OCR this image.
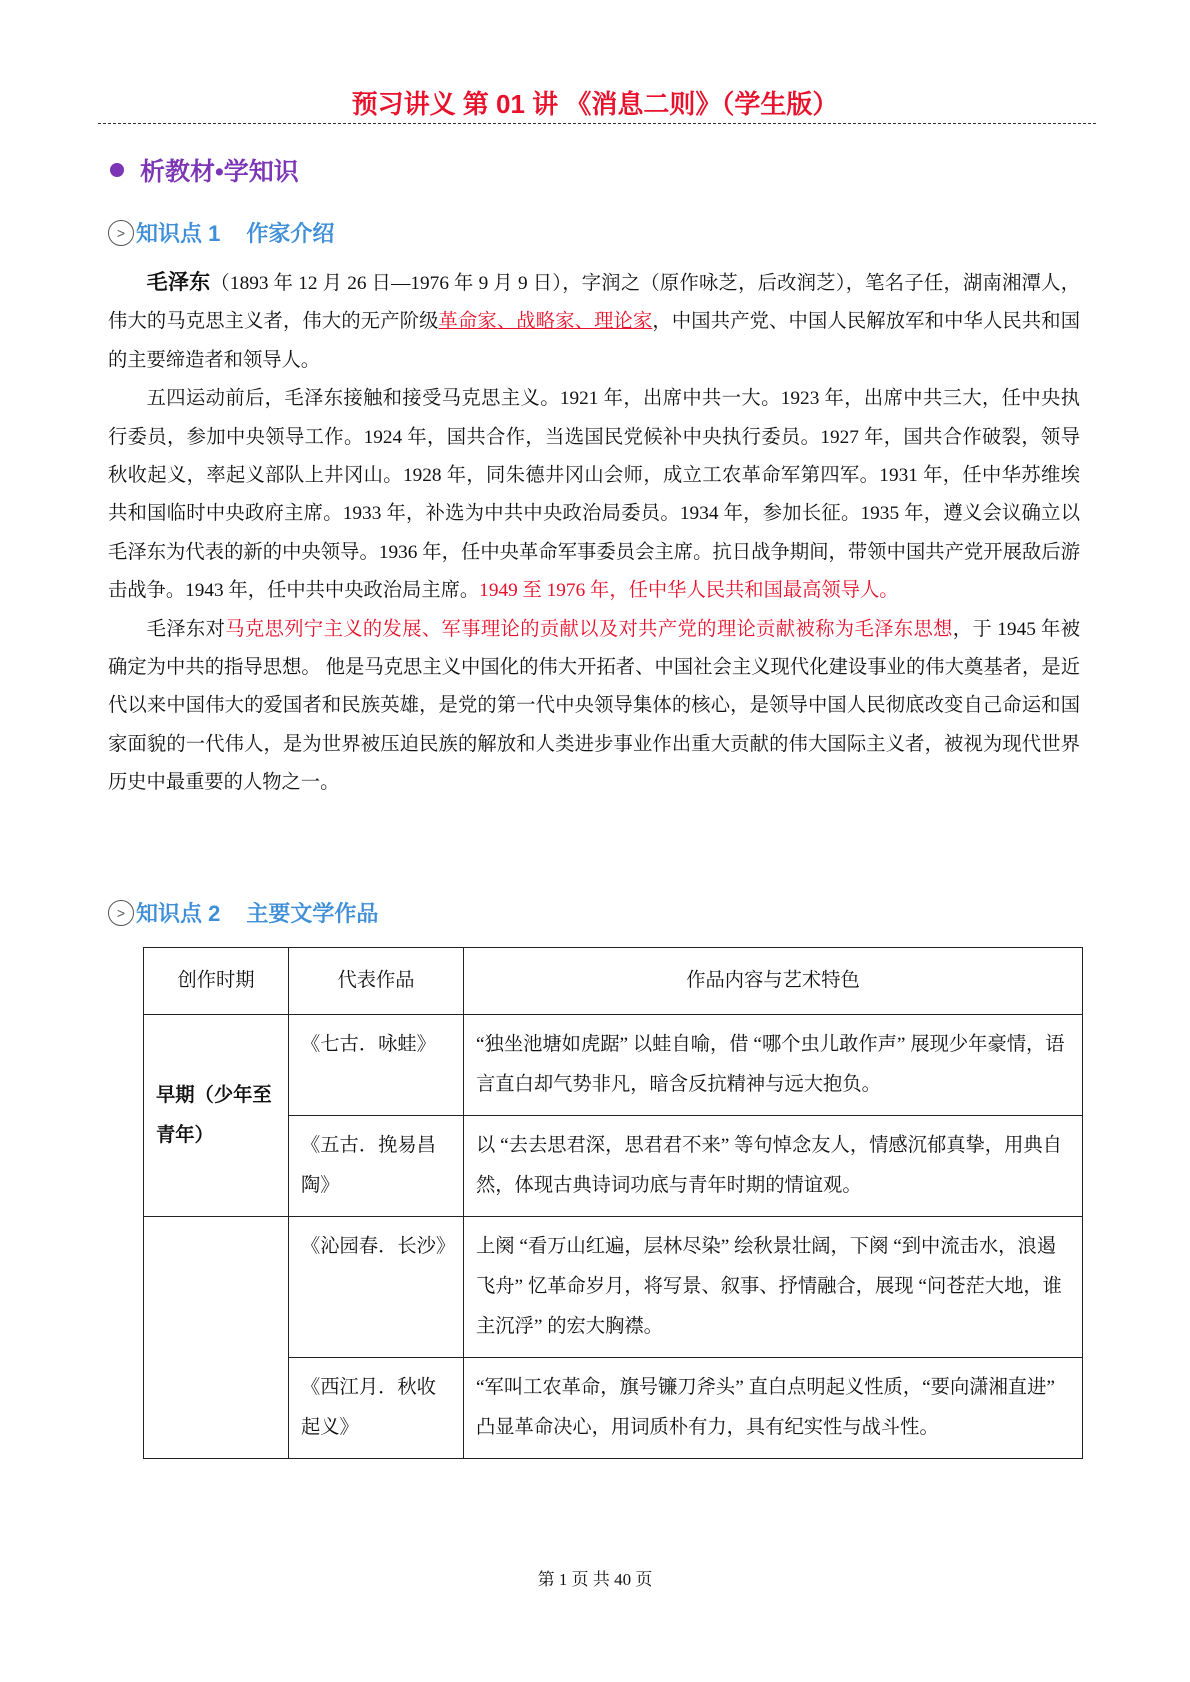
预习讲义 第 01 讲 《消息二则》（学生版）
析教材•学知识
> 知识点 1 作家介绍

毛泽东（1893 年 12 月 26 日—1976 年 9 月 9 日），字润之（原作咏芝，后改润芝），笔名子任，湖南湘潭人，伟大的马克思主义者，伟大的无产阶级革命家、战略家、理论家，中国共产党、中国人民解放军和中华人民共和国的主要缔造者和领导人。

五四运动前后，毛泽东接触和接受马克思主义。1921 年，出席中共一大。1923 年，出席中共三大，任中央执行委员，参加中央领导工作。1924 年，国共合作，当选国民党候补中央执行委员。1927 年，国共合作破裂，领导秋收起义，率起义部队上井冈山。1928 年，同朱德井冈山会师，成立工农革命军第四军。1931 年，任中华苏维埃共和国临时中央政府主席。1933 年，补选为中共中央政治局委员。1934 年，参加长征。1935 年，遵义会议确立以毛泽东为代表的新的中央领导。1936 年，任中央革命军事委员会主席。抗日战争期间，带领中国共产党开展敌后游击战争。1943 年，任中共中央政治局主席。1949 至 1976 年，任中华人民共和国最高领导人。

毛泽东对马克思列宁主义的发展、军事理论的贡献以及对共产党的理论贡献被称为毛泽东思想，于 1945 年被确定为中共的指导思想。 他是马克思主义中国化的伟大开拓者、中国社会主义现代化建设事业的伟大奠基者，是近代以来中国伟大的爱国者和民族英雄，是党的第一代中央领导集体的核心，是领导中国人民彻底改变自己命运和国家面貌的一代伟人，是为世界被压迫民族的解放和人类进步事业作出重大贡献的伟大国际主义者，被视为现代世界历史中最重要的人物之一。

> 知识点 2 主要文学作品
创作时期	代表作品	作品内容与艺术特色
早期（少年至青年）	《七古．咏蛙》	“独坐池塘如虎踞” 以蛙自喻，借 “哪个虫儿敢作声” 展现少年豪情，语言直白却气势非凡，暗含反抗精神与远大抱负。
	《五古．挽易昌陶》	以 “去去思君深，思君君不来” 等句悼念友人，情感沉郁真挚，用典自然，体现古典诗词功底与青年时期的情谊观。
	《沁园春．长沙》	上阕 “看万山红遍，层林尽染” 绘秋景壮阔，下阕 “到中流击水，浪遏飞舟” 忆革命岁月，将写景、叙事、抒情融合，展现 “问苍茫大地，谁主沉浮” 的宏大胸襟。
	《西江月．秋收起义》	“军叫工农革命，旗号镰刀斧头” 直白点明起义性质，“要向潇湘直进” 凸显革命决心，用词质朴有力，具有纪实性与战斗性。
第 1 页 共 40 页
